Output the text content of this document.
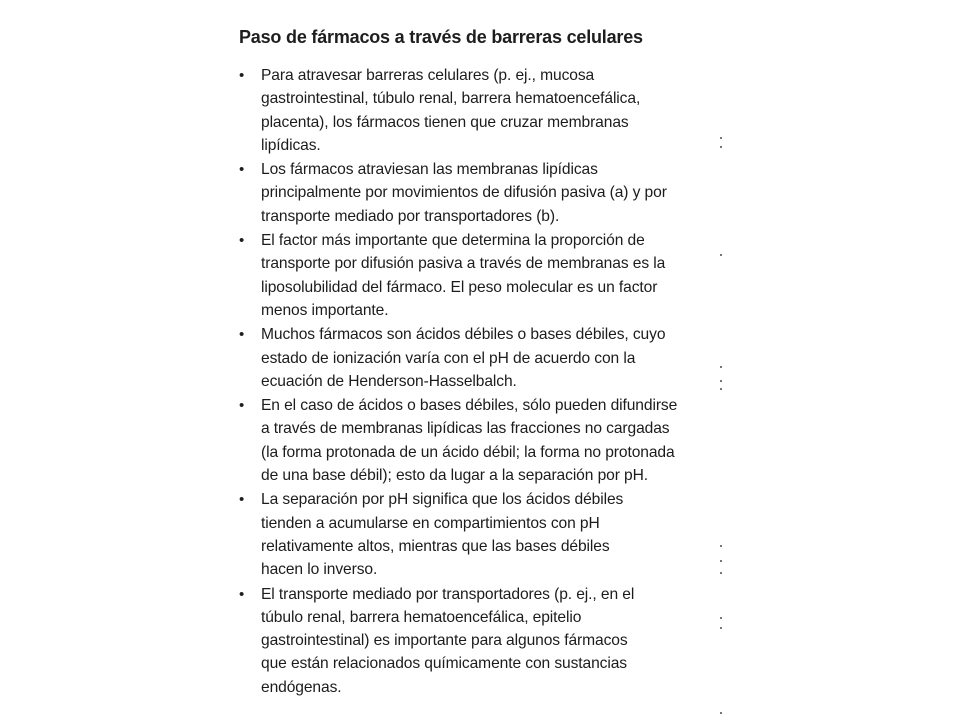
Paso de fármacos a través de barreras celulares
• Para atravesar barreras celulares (p. ej., mucosa
gastrointestinal, túbulo renal, barrera hematoencefálica,
placenta), los fármacos tienen que cruzar membranas
lipídicas.
• Los fármacos atraviesan las membranas lipídicas
principalmente por movimientos de difusión pasiva (a) y por
transporte mediado por transportadores (b).
• El factor más importante que determina la proporción de
transporte por difusión pasiva a través de membranas es la
liposolubilidad del fármaco. El peso molecular es un factor
menos importante.
• Muchos fármacos son ácidos débiles o bases débiles, cuyo
estado de ionización varía con el pH de acuerdo con la
ecuación de Henderson-Hasselbalch.
• En el caso de ácidos o bases débiles, sólo pueden difundirse
a través de membranas lipídicas las fracciones no cargadas
(la forma protonada de un ácido débil; la forma no protonada
de una base débil); esto da lugar a la separación por pH.
• La separación por pH significa que los ácidos débiles
tienden a acumularse en compartimientos con pH
relativamente altos, mientras que las bases débiles
hacen lo inverso.
• El transporte mediado por transportadores (p. ej., en el
túbulo renal, barrera hematoencefálica, epitelio
gastrointestinal) es importante para algunos fármacos
que están relacionados químicamente con sustancias
endógenas.
